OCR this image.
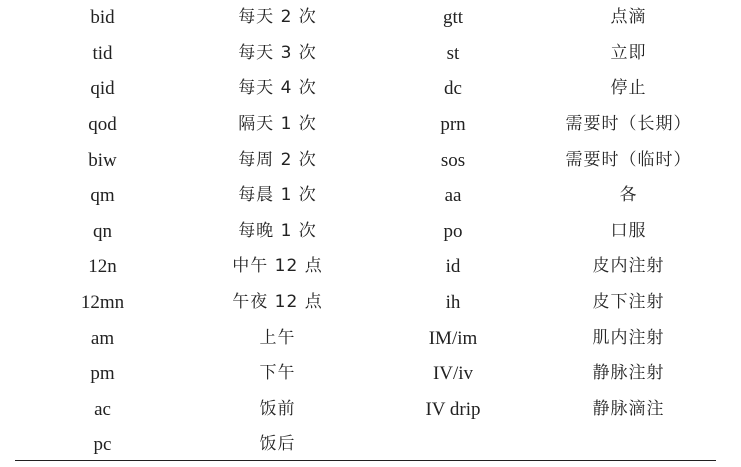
bid	每天 2 次	gtt	点滴
tid	每天 3 次	st	立即
qid	每天 4 次	dc	停止
qod	隔天 1 次	prn	需要时（长期）
biw	每周 2 次	sos	需要时（临时）
qm	每晨 1 次	aa	各
qn	每晚 1 次	po	口服
12n	中午 12 点	id	皮内注射
12mn	午夜 12 点	ih	皮下注射
am	上午	IM/im	肌内注射
pm	下午	IV/iv	静脉注射
ac	饭前	IV drip	静脉滴注
pc	饭后		
